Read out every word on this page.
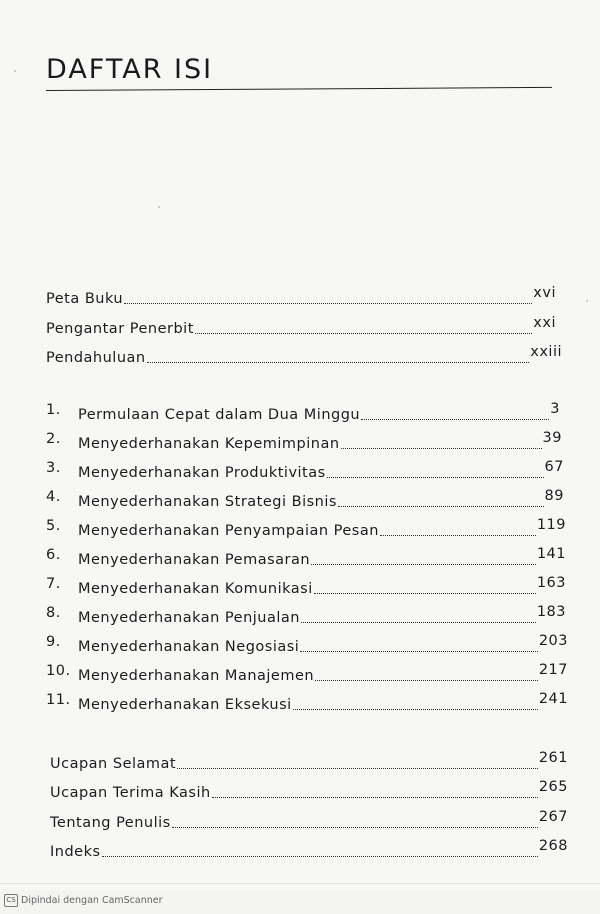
DAFTAR ISI
Peta Buku	xvi
Pengantar Penerbit	xxi
Pendahuluan	xxiii
1.	Permulaan Cepat dalam Dua Minggu	3
2.	Menyederhanakan Kepemimpinan	39
3.	Menyederhanakan Produktivitas	67
4.	Menyederhanakan Strategi Bisnis	89
5.	Menyederhanakan Penyampaian Pesan	119
6.	Menyederhanakan Pemasaran	141
7.	Menyederhanakan Komunikasi	163
8.	Menyederhanakan Penjualan	183
9.	Menyederhanakan Negosiasi	203
10. Menyederhanakan Manajemen	217
11. Menyederhanakan Eksekusi	241
Ucapan Selamat	261
Ucapan Terima Kasih	265
Tentang Penulis	267
Indeks	268
CS Dipindai dengan CamScanner
